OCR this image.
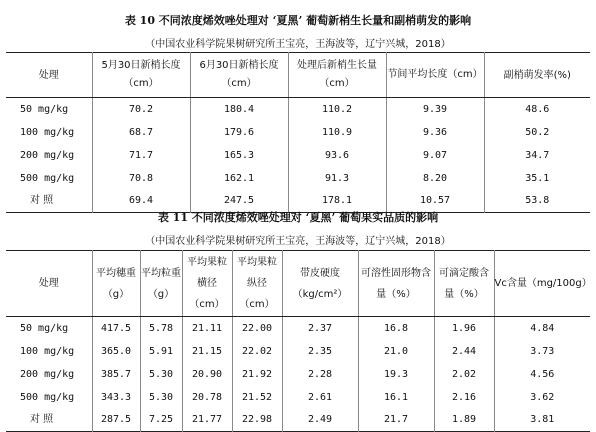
表 10 不同浓度烯效唑处理对 ‘夏黑’ 葡萄新梢生长量和副梢萌发的影响
（中国农业科学院果树研究所王宝亮，王海波等，辽宁兴城，2018）
处理	5月30日新梢长度（cm）	6月30日新梢长度（cm）	处理后新梢生长量（cm）	节间平均长度（cm）	副梢萌发率(%)
50 mg/kg	70.2	180.4	110.2	9.39	48.6
100 mg/kg	68.7	179.6	110.9	9.36	50.2
200 mg/kg	71.7	165.3	93.6	9.07	34.7
500 mg/kg	70.8	162.1	91.3	8.20	35.1
对 照	69.4	247.5	178.1	10.57	53.8
表 11 不同浓度烯效唑处理对 ‘夏黑’ 葡萄果实品质的影响
（中国农业科学院果树研究所王宝亮，王海波等，辽宁兴城，2018）
处理	平均穗重（g）	平均粒重（g）	平均果粒横径（cm）	平均果粒纵径（cm）	带皮硬度（kg/cm²）	可溶性固形物含量（%）	可滴定酸含量（%）	Vc含量（mg/100g）
50 mg/kg	417.5	5.78	21.11	22.00	2.37	16.8	1.96	4.84
100 mg/kg	365.0	5.91	21.15	22.02	2.35	21.0	2.44	3.73
200 mg/kg	385.7	5.30	20.90	21.92	2.28	19.3	2.02	4.56
500 mg/kg	343.3	5.30	20.78	21.52	2.61	16.1	2.16	3.62
对 照	287.5	7.25	21.77	22.98	2.49	21.7	1.89	3.81
